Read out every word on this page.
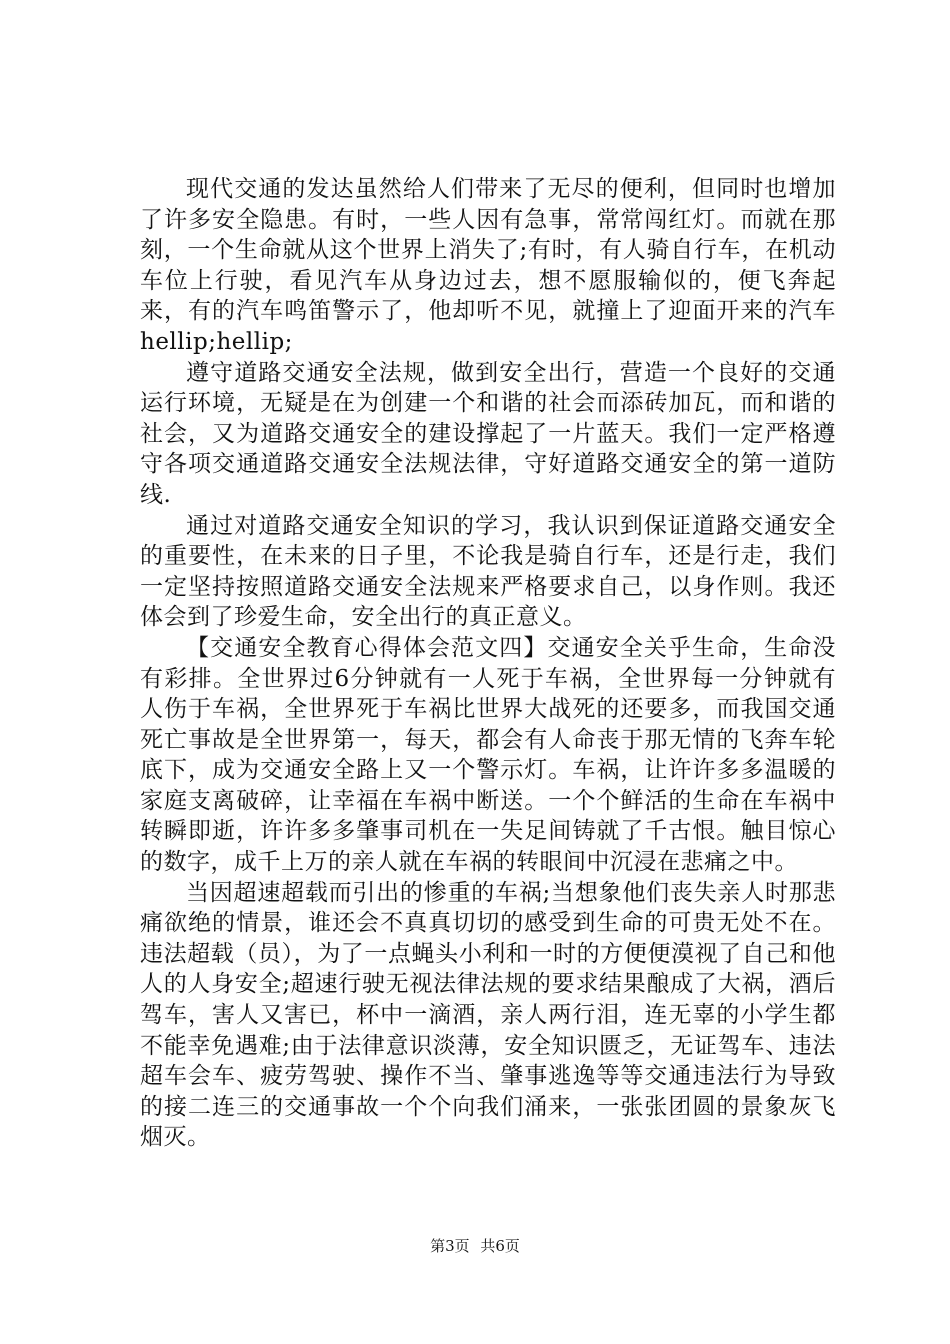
现代交通的发达虽然给人们带来了无尽的便利，但同时也增加了许多安全隐患。有时，一些人因有急事，常常闯红灯。而就在那刻，一个生命就从这个世界上消失了;有时，有人骑自行车，在机动车位上行驶，看见汽车从身边过去，想不愿服输似的，便飞奔起来，有的汽车鸣笛警示了，他却听不见，就撞上了迎面开来的汽车hellip;hellip;

遵守道路交通安全法规，做到安全出行，营造一个良好的交通运行环境，无疑是在为创建一个和谐的社会而添砖加瓦，而和谐的社会，又为道路交通安全的建设撑起了一片蓝天。我们一定严格遵守各项交通道路交通安全法规法律，守好道路交通安全的第一道防线.

通过对道路交通安全知识的学习，我认识到保证道路交通安全的重要性，在未来的日子里，不论我是骑自行车，还是行走，我们一定坚持按照道路交通安全法规来严格要求自己，以身作则。我还体会到了珍爱生命，安全出行的真正意义。

【交通安全教育心得体会范文四】交通安全关乎生命，生命没有彩排。全世界过6分钟就有一人死于车祸，全世界每一分钟就有人伤于车祸，全世界死于车祸比世界大战死的还要多，而我国交通死亡事故是全世界第一，每天，都会有人命丧于那无情的飞奔车轮底下，成为交通安全路上又一个警示灯。车祸，让许许多多温暖的家庭支离破碎，让幸福在车祸中断送。一个个鲜活的生命在车祸中转瞬即逝，许许多多肇事司机在一失足间铸就了千古恨。触目惊心的数字，成千上万的亲人就在车祸的转眼间中沉浸在悲痛之中。

当因超速超载而引出的惨重的车祸;当想象他们丧失亲人时那悲痛欲绝的情景，谁还会不真真切切的感受到生命的可贵无处不在。违法超载（员），为了一点蝇头小利和一时的方便便漠视了自己和他人的人身安全;超速行驶无视法律法规的要求结果酿成了大祸，酒后驾车，害人又害已，杯中一滴酒，亲人两行泪，连无辜的小学生都不能幸免遇难;由于法律意识淡薄，安全知识匮乏，无证驾车、违法超车会车、疲劳驾驶、操作不当、肇事逃逸等等交通违法行为导致的接二连三的交通事故一个个向我们涌来，一张张团圆的景象灰飞烟灭。

第3页 共6页
